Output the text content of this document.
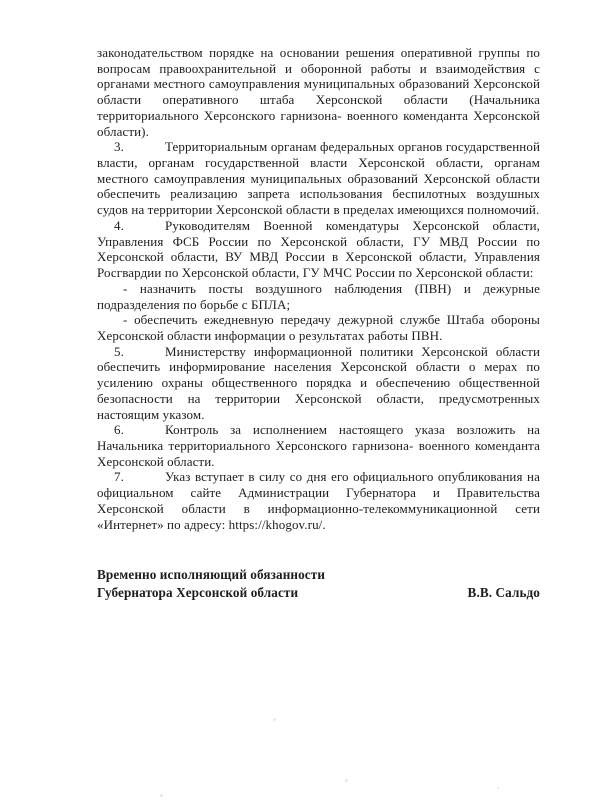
законодательством порядке на основании решения оперативной группы по
вопросам правоохранительной и оборонной работы и взаимодействия с
органами местного самоуправления муниципальных образований Херсонской
области оперативного штаба Херсонской области (Начальника
территориального Херсонского гарнизона- военного коменданта Херсонской
области).
3.	Территориальным органам федеральных органов государственной
власти, органам государственной власти Херсонской области, органам
местного самоуправления муниципальных образований Херсонской области
обеспечить реализацию запрета использования беспилотных воздушных
судов на территории Херсонской области в пределах имеющихся полномочий.
4.	Руководителям Военной комендатуры Херсонской области,
Управления ФСБ России по Херсонской области, ГУ МВД России по
Херсонской области, ВУ МВД России в Херсонской области, Управления
Росгвардии по Херсонской области, ГУ МЧС России по Херсонской области:
- назначить посты воздушного наблюдения (ПВН) и дежурные
подразделения по борьбе с БПЛА;
- обеспечить ежедневную передачу дежурной службе Штаба обороны
Херсонской области информации о результатах работы ПВН.
5.	Министерству информационной политики Херсонской области
обеспечить информирование населения Херсонской области о мерах по
усилению охраны общественного порядка и обеспечению общественной
безопасности на территории Херсонской области, предусмотренных
настоящим указом.
6.	Контроль за исполнением настоящего указа возложить на
Начальника территориального Херсонского гарнизона- военного коменданта
Херсонской области.
7.	Указ вступает в силу со дня его официального опубликования на
официальном сайте Администрации Губернатора и Правительства
Херсонской области в информационно-телекоммуникационной сети
«Интернет» по адресу: https://khogov.ru/.
Временно исполняющий обязанности
Губернатора Херсонской области	В.В. Сальдо
